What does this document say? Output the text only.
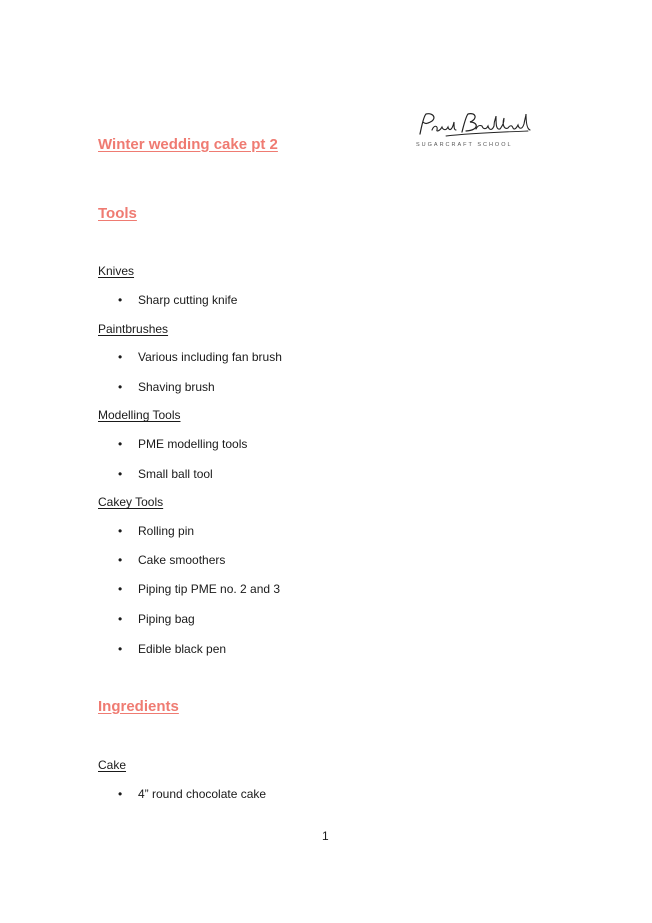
SUGARCRAFT SCHOOL
Winter wedding cake pt 2
Tools
Knives
• Sharp cutting knife
Paintbrushes
• Various including fan brush
• Shaving brush
Modelling Tools
• PME modelling tools
• Small ball tool
Cakey Tools
• Rolling pin
• Cake smoothers
• Piping tip PME no. 2 and 3
• Piping bag
• Edible black pen
Ingredients
Cake
• 4” round chocolate cake
1
